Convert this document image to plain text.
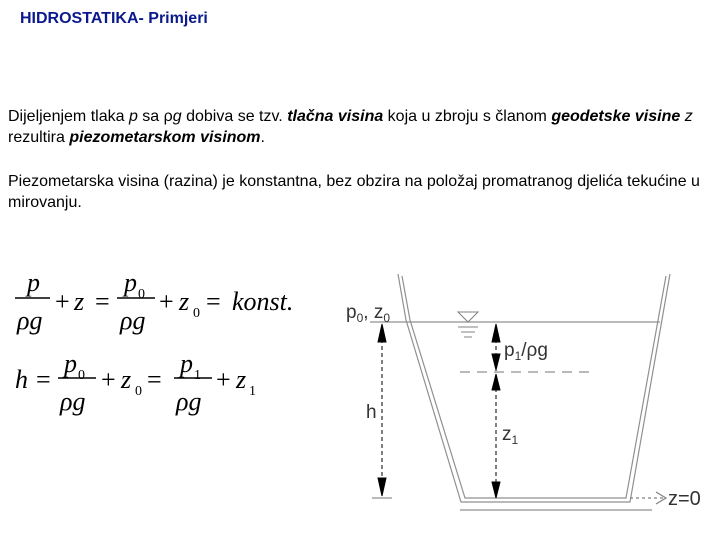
HIDROSTATIKA- Primjeri
Dijeljenjem tlaka p sa ρg dobiva se tzv. tlačna visina koja u zbroju s članom geodetske visine z rezultira piezometarskom visinom.
Piezometarska visina (razina) je konstantna, bez obzira na položaj promatranog djelića tekućine u mirovanju.
p
ρg
+ z =
p 0
ρg
+ z 0 = konst.
h =
p 0
ρg
+ z 0 =
p 1
ρg
+ z 1
$p_0$, $z_0$
$p_1/\rho g$
h
$z_1$
z=0
